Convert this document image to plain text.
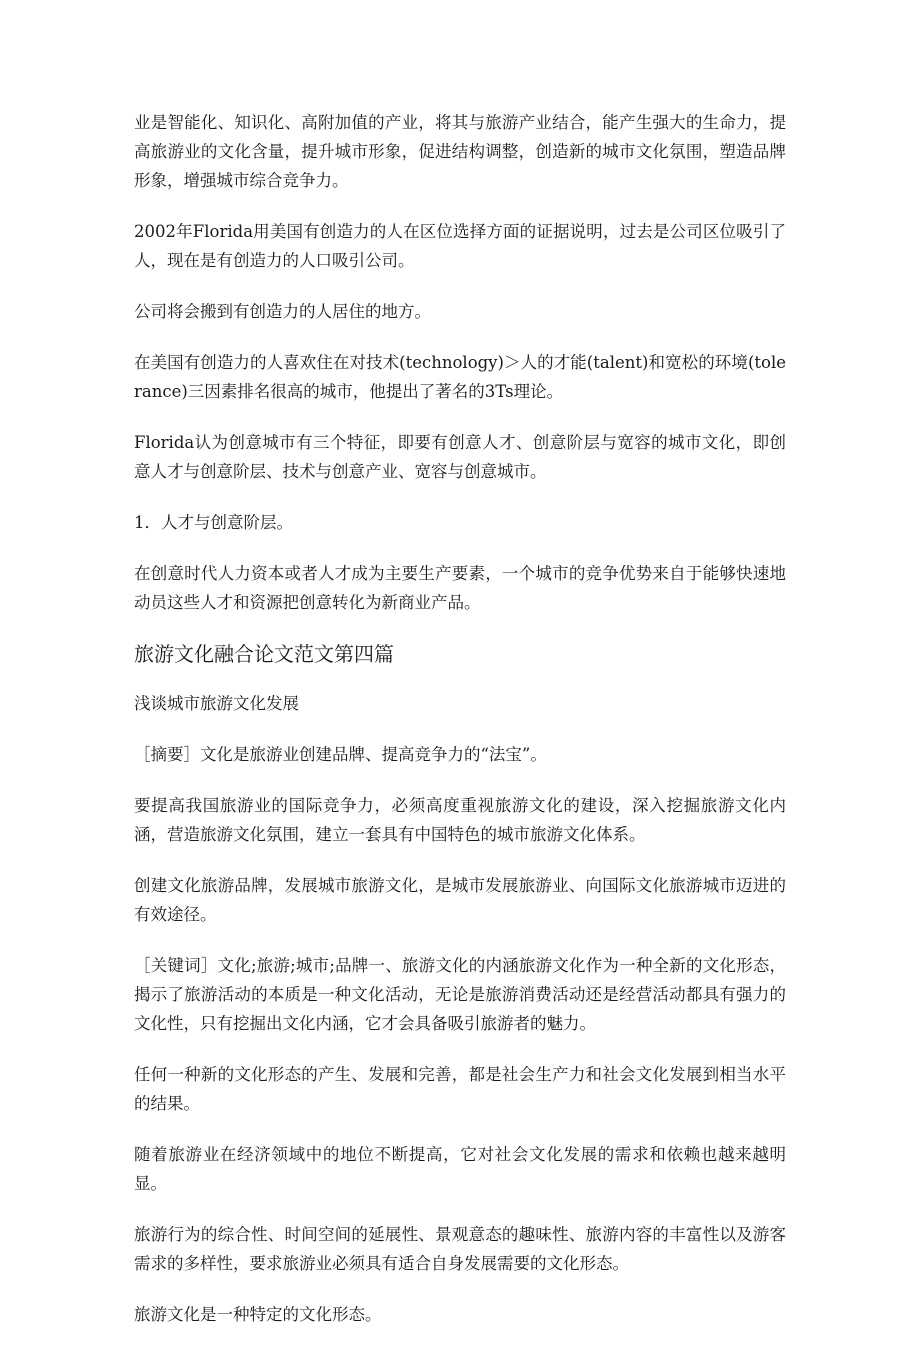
业是智能化、知识化、高附加值的产业，将其与旅游产业结合，能产生强大的生命力，提高旅游业的文化含量，提升城市形象，促进结构调整，创造新的城市文化氛围，塑造品牌形象，增强城市综合竞争力。

2002年Florida用美国有创造力的人在区位选择方面的证据说明，过去是公司区位吸引了人，现在是有创造力的人口吸引公司。

公司将会搬到有创造力的人居住的地方。

在美国有创造力的人喜欢住在对技术(technology)＞人的才能(talent)和宽松的环境(tolerance)三因素排名很高的城市，他提出了著名的3Ts理论。

Florida认为创意城市有三个特征，即要有创意人才、创意阶层与宽容的城市文化，即创意人才与创意阶层、技术与创意产业、宽容与创意城市。

1．人才与创意阶层。

在创意时代人力资本或者人才成为主要生产要素，一个城市的竞争优势来自于能够快速地动员这些人才和资源把创意转化为新商业产品。

旅游文化融合论文范文第四篇

浅谈城市旅游文化发展

［摘要］文化是旅游业创建品牌、提高竞争力的“法宝”。

要提高我国旅游业的国际竞争力，必须高度重视旅游文化的建设，深入挖掘旅游文化内涵，营造旅游文化氛围，建立一套具有中国特色的城市旅游文化体系。

创建文化旅游品牌，发展城市旅游文化，是城市发展旅游业、向国际文化旅游城市迈进的有效途径。

［关键词］文化;旅游;城市;品牌一、旅游文化的内涵旅游文化作为一种全新的文化形态，揭示了旅游活动的本质是一种文化活动，无论是旅游消费活动还是经营活动都具有强力的文化性，只有挖掘出文化内涵，它才会具备吸引旅游者的魅力。

任何一种新的文化形态的产生、发展和完善，都是社会生产力和社会文化发展到相当水平的结果。

随着旅游业在经济领域中的地位不断提高，它对社会文化发展的需求和依赖也越来越明显。

旅游行为的综合性、时间空间的延展性、景观意态的趣味性、旅游内容的丰富性以及游客需求的多样性，要求旅游业必须具有适合自身发展需要的文化形态。

旅游文化是一种特定的文化形态。
